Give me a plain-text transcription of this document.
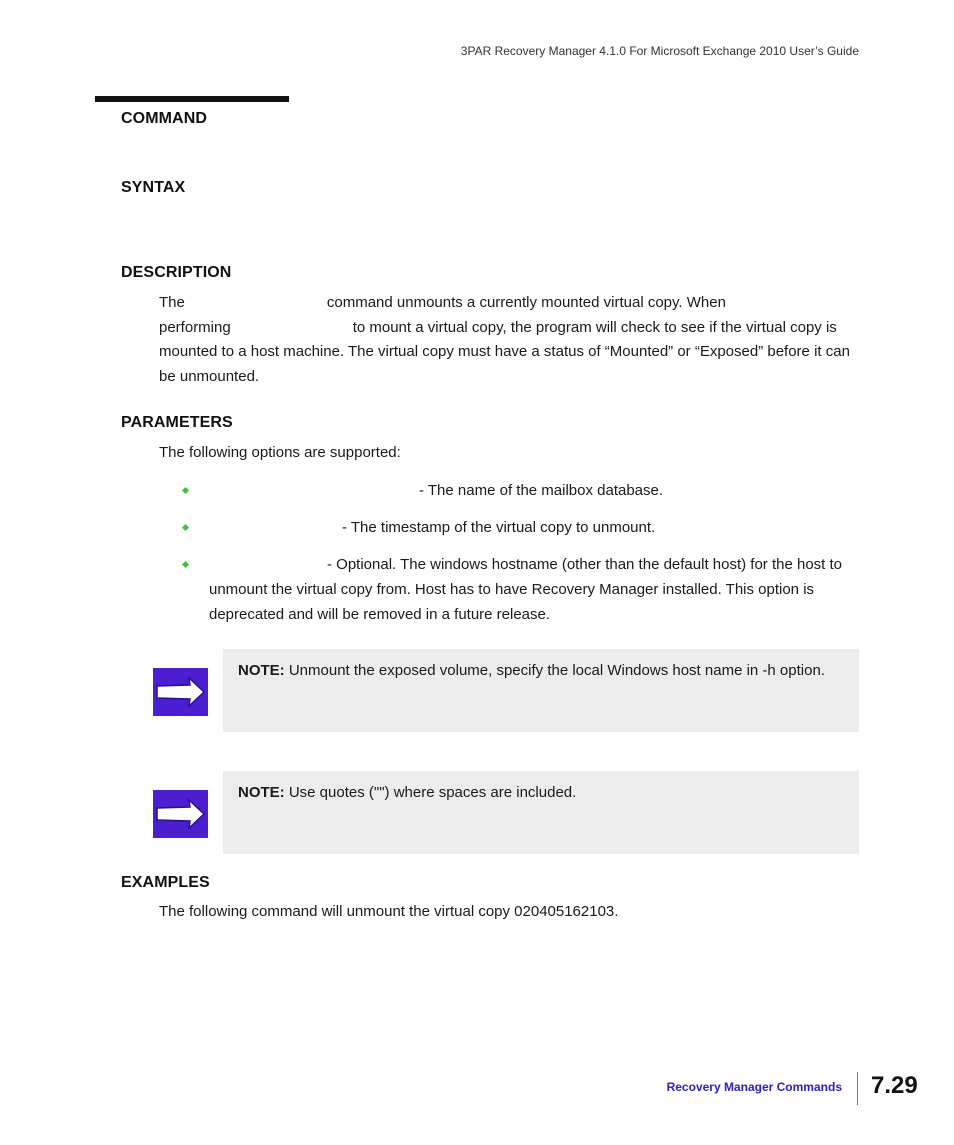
3PAR Recovery Manager 4.1.0 For Microsoft Exchange 2010 User’s Guide
COMMAND
SYNTAX
DESCRIPTION
The	command unmounts a currently mounted virtual copy. When
performing	to mount a virtual copy, the program will check to see if the virtual copy is mounted to a host machine. The virtual copy must have a status of “Mounted” or “Exposed” before it can be unmounted.
PARAMETERS
The following options are supported:
- The name of the mailbox database.
- The timestamp of the virtual copy to unmount.
- Optional. The windows hostname (other than the default host) for the host to unmount the virtual copy from. Host has to have Recovery Manager installed. This option is deprecated and will be removed in a future release.
NOTE: Unmount the exposed volume, specify the local Windows host name in -h option.
NOTE: Use quotes ("") where spaces are included.
EXAMPLES
The following command will unmount the virtual copy 020405162103.
Recovery Manager Commands 7.29
